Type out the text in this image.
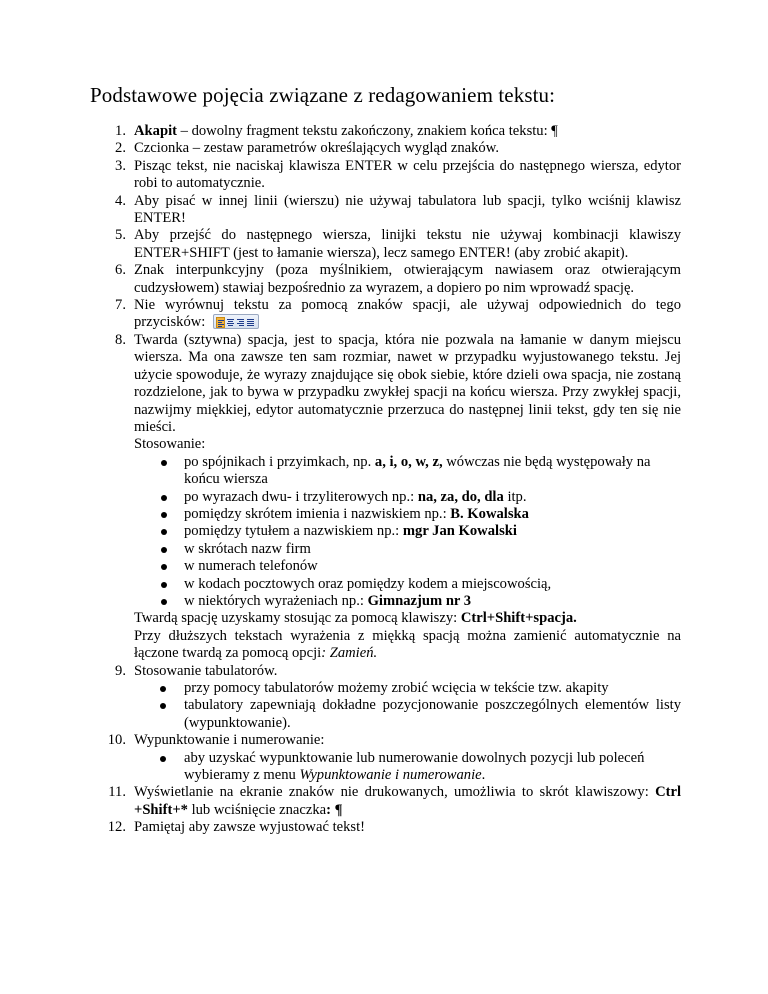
Podstawowe pojęcia związane z redagowaniem tekstu:
1. Akapit – dowolny fragment tekstu zakończony, znakiem końca tekstu: ¶
2. Czcionka – zestaw parametrów określających wygląd znaków.
3. Pisząc tekst, nie naciskaj klawisza ENTER w celu przejścia do następnego wiersza, edytor robi to automatycznie.
4. Aby pisać w innej linii (wierszu) nie używaj tabulatora lub spacji, tylko wciśnij klawisz ENTER!
5. Aby przejść do następnego wiersza, linijki tekstu nie używaj kombinacji klawiszy ENTER+SHIFT (jest to łamanie wiersza), lecz samego ENTER! (aby zrobić akapit).
6. Znak interpunkcyjny (poza myślnikiem, otwierającym nawiasem oraz otwierającym cudzysłowem) stawiaj bezpośrednio za wyrazem, a dopiero po nim wprowadź spację.
7. Nie wyrównuj tekstu za pomocą znaków spacji, ale używaj odpowiednich do tego przycisków:
8. Twarda (sztywna) spacja, jest to spacja, która nie pozwala na łamanie w danym miejscu wiersza. Ma ona zawsze ten sam rozmiar, nawet w przypadku wyjustowanego tekstu. Jej użycie spowoduje, że wyrazy znajdujące się obok siebie, które dzieli owa spacja, nie zostaną rozdzielone, jak to bywa w przypadku zwykłej spacji na końcu wiersza. Przy zwykłej spacji, nazwijmy miękkiej, edytor automatycznie przerzuca do następnej linii tekst, gdy ten się nie mieści.
Stosowanie:
po spójnikach i przyimkach, np. a, i, o, w, z, wówczas nie będą występowały na końcu wiersza
po wyrazach dwu- i trzyliterowych np.: na, za, do, dla itp.
pomiędzy skrótem imienia i nazwiskiem np.: B. Kowalska
pomiędzy tytułem a nazwiskiem np.: mgr Jan Kowalski
w skrótach nazw firm
w numerach telefonów
w kodach pocztowych oraz pomiędzy kodem a miejscowością,
w niektórych wyrażeniach np.: Gimnazjum nr 3
Twardą spację uzyskamy stosując za pomocą klawiszy: Ctrl+Shift+spacja.
Przy dłuższych tekstach wyrażenia z miękką spacją można zamienić automatycznie na łączone twardą za pomocą opcji: Zamień.
9. Stosowanie tabulatorów.
przy pomocy tabulatorów możemy zrobić wcięcia w tekście tzw. akapity
tabulatory zapewniają dokładne pozycjonowanie poszczególnych elementów listy (wypunktowanie).
10. Wypunktowanie i numerowanie:
aby uzyskać wypunktowanie lub numerowanie dowolnych pozycji lub poleceń wybieramy z menu Wypunktowanie i numerowanie.
11. Wyświetlanie na ekranie znaków nie drukowanych, umożliwia to skrót klawiszowy: Ctrl +Shift+* lub wciśnięcie znaczka: ¶
12. Pamiętaj aby zawsze wyjustować tekst!
